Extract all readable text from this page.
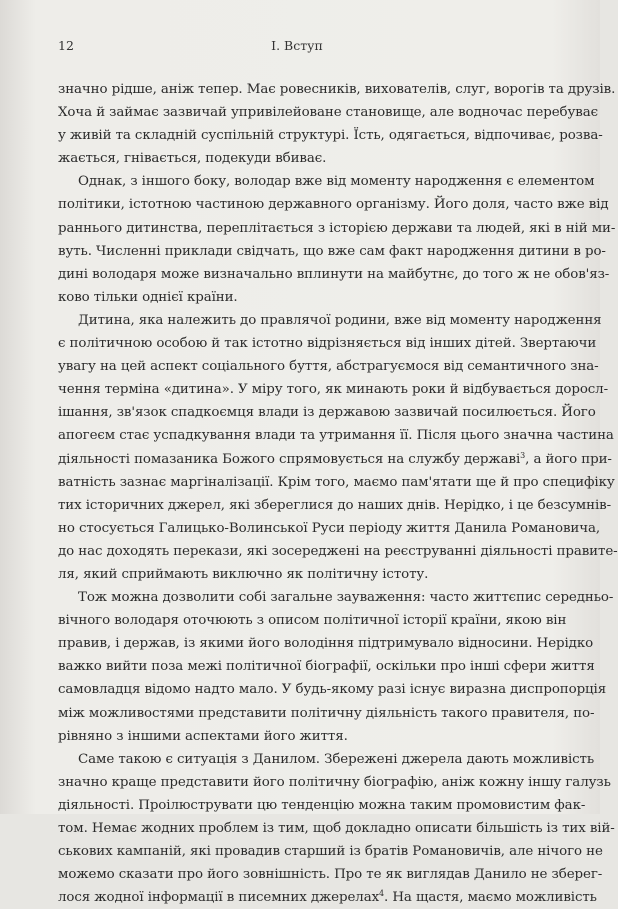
12	I. Вступ
значно рідше, аніж тепер. Має ровесників, вихователів, слуг, ворогів та друзів.
Хоча й займає зазвичай упривілейоване становище, але водночас перебуває
у живій та складній суспільній структурі. Їсть, одягається, відпочиває, розва-
жається, гнівається, подекуди вбиває.
Однак, з іншого боку, володар вже від моменту народження є елементом
політики, істотною частиною державного організму. Його доля, часто вже від
раннього дитинства, переплітається з історією держави та людей, які в ній ми-
вуть. Численні приклади свідчать, що вже сам факт народження дитини в ро-
дині володаря може визначально вплинути на майбутнє, до того ж не обов'яз-
ково тільки однієї країни.
Дитина, яка належить до правлячої родини, вже від моменту народження
є політичною особою й так істотно відрізняється від інших дітей. Звертаючи
увагу на цей аспект соціального буття, абстрагуємося від семантичного зна-
чення терміна «дитина». У міру того, як минають роки й відбувається доросл-
ішання, зв'язок спадкоємця влади із державою зазвичай посилюється. Його
апогеєм стає успадкування влади та утримання її. Після цього значна частина
діяльності помазаника Божого спрямовується на службу державі$^3$, а його при-
ватність зазнає маргіналізації. Крім того, маємо пам'ятати ще й про специфіку
тих історичних джерел, які збереглися до наших днів. Нерідко, і це безсумнів-
но стосується Галицько-Волинської Руси періоду життя Данила Романовича,
до нас доходять перекази, які зосереджені на реєструванні діяльності правите-
ля, який сприймають виключно як політичну істоту.
Тож можна дозволити собі загальне зауваження: часто життєпис середньо-
вічного володаря оточюють з описом політичної історії країни, якою він
правив, і держав, із якими його володіння підтримувало відносини. Нерідко
важко вийти поза межі політичної біографії, оскільки про інші сфери життя
самовладця відомо надто мало. У будь-якому разі існує виразна диспропорція
між можливостями представити політичну діяльність такого правителя, по-
рівняно з іншими аспектами його життя.
Саме такою є ситуація з Данилом. Збережені джерела дають можливість
значно краще представити його політичну біографію, аніж кожну іншу галузь
діяльності. Проілюструвати цю тенденцію можна таким промовистим фак-
том. Немає жодних проблем із тим, щоб докладно описати більшість із тих вій-
ськових кампаній, які провадив старший із братів Романовичів, але нічого не
можемо сказати про його зовнішність. Про те як виглядав Данило не зберег-
лося жодної інформації в писемних джерелах$^4$. На щастя, маємо можливість
